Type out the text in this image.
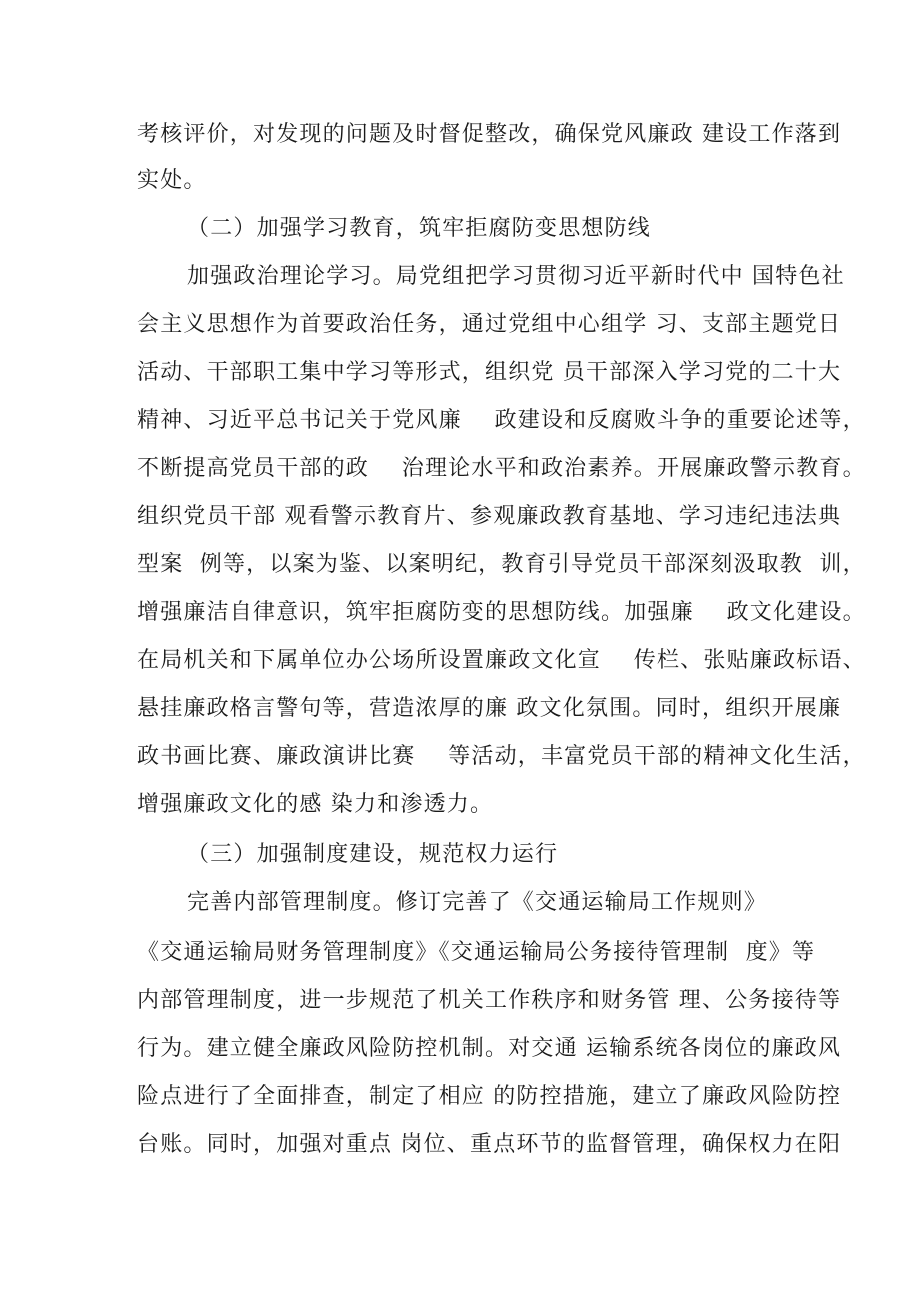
考核评价，对发现的问题及时督促整改，确保党风廉政 建设工作落到
实处。
（二）加强学习教育，筑牢拒腐防变思想防线
加强政治理论学习。局党组把学习贯彻习近平新时代中 国特色社
会主义思想作为首要政治任务，通过党组中心组学 习、支部主题党日
活动、干部职工集中学习等形式，组织党 员干部深入学习党的二十大
精神、习近平总书记关于党风廉    政建设和反腐败斗争的重要论述等，
不断提高党员干部的政    治理论水平和政治素养。开展廉政警示教育。
组织党员干部 观看警示教育片、参观廉政教育基地、学习违纪违法典
型案  例等，以案为鉴、以案明纪，教育引导党员干部深刻汲取教  训，
增强廉洁自律意识，筑牢拒腐防变的思想防线。加强廉    政文化建设。
在局机关和下属单位办公场所设置廉政文化宣    传栏、张贴廉政标语、
悬挂廉政格言警句等，营造浓厚的廉 政文化氛围。同时，组织开展廉
政书画比赛、廉政演讲比赛    等活动，丰富党员干部的精神文化生活，
增强廉政文化的感 染力和渗透力。
（三）加强制度建设，规范权力运行
完善内部管理制度。修订完善了《交通运输局工作规则》
《交通运输局财务管理制度》《交通运输局公务接待管理制  度》等
内部管理制度，进一步规范了机关工作秩序和财务管 理、公务接待等
行为。建立健全廉政风险防控机制。对交通 运输系统各岗位的廉政风
险点进行了全面排查，制定了相应 的防控措施，建立了廉政风险防控
台账。同时，加强对重点 岗位、重点环节的监督管理，确保权力在阳
